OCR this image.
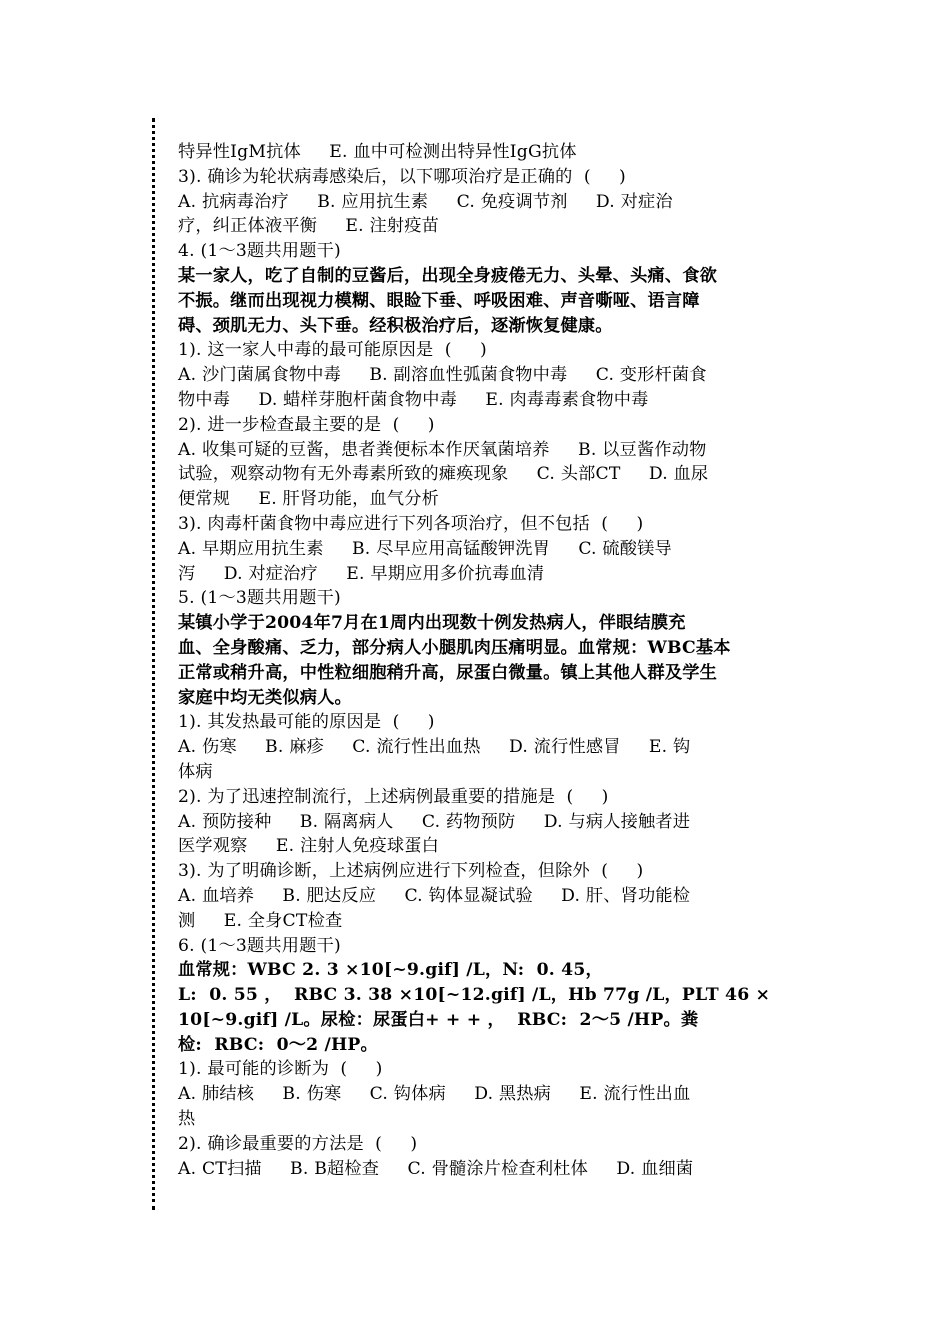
特异性IgM抗体     E. 血中可检测出特异性IgG抗体
3). 确诊为轮状病毒感染后，以下哪项治疗是正确的  (     )
A. 抗病毒治疗     B. 应用抗生素     C. 免疫调节剂     D. 对症治
疗，纠正体液平衡     E. 注射疫苗
4. (1～3题共用题干)
某一家人，吃了自制的豆酱后，出现全身疲倦无力、头晕、头痛、食欲
不振。继而出现视力模糊、眼睑下垂、呼吸困难、声音嘶哑、语言障
碍、颈肌无力、头下垂。经积极治疗后，逐渐恢复健康。
1). 这一家人中毒的最可能原因是  (     )
A. 沙门菌属食物中毒     B. 副溶血性弧菌食物中毒     C. 变形杆菌食
物中毒     D. 蜡样芽胞杆菌食物中毒     E. 肉毒毒素食物中毒
2). 进一步检查最主要的是  (     )
A. 收集可疑的豆酱，患者粪便标本作厌氧菌培养     B. 以豆酱作动物
试验，观察动物有无外毒素所致的瘫痪现象     C. 头部CT     D. 血尿
便常规     E. 肝肾功能，血气分析
3). 肉毒杆菌食物中毒应进行下列各项治疗，但不包括  (     )
A. 早期应用抗生素     B. 尽早应用高锰酸钾洗胃     C. 硫酸镁导
泻     D. 对症治疗     E. 早期应用多价抗毒血清
5. (1～3题共用题干)
某镇小学于2004年7月在1周内出现数十例发热病人，伴眼结膜充
血、全身酸痛、乏力，部分病人小腿肌肉压痛明显。血常规：WBC基本
正常或稍升高，中性粒细胞稍升高，尿蛋白微量。镇上其他人群及学生
家庭中均无类似病人。
1). 其发热最可能的原因是  (     )
A. 伤寒     B. 麻疹     C. 流行性出血热     D. 流行性感冒     E. 钩
体病
2). 为了迅速控制流行，上述病例最重要的措施是  (     )
A. 预防接种     B. 隔离病人     C. 药物预防     D. 与病人接触者进
医学观察     E. 注射人免疫球蛋白
3). 为了明确诊断，上述病例应进行下列检查，但除外  (     )
A. 血培养     B. 肥达反应     C. 钩体显凝试验     D. 肝、肾功能检
测     E. 全身CT检查
6. (1～3题共用题干)
血常规：WBC 2. 3 ×10[~9.gif] /L，N:  0. 45，
L:  0. 55 ，  RBC 3. 38 ×10[~12.gif] /L，Hb 77g /L，PLT 46 ×
10[~9.gif] /L。尿检：尿蛋白+ + + ，  RBC:  2～5 /HP。粪
检:  RBC:  0～2 /HP。
1). 最可能的诊断为  (     )
A. 肺结核     B. 伤寒     C. 钩体病     D. 黑热病     E. 流行性出血
热
2). 确诊最重要的方法是  (     )
A. CT扫描     B. B超检查     C. 骨髓涂片检查利杜体     D. 血细菌
